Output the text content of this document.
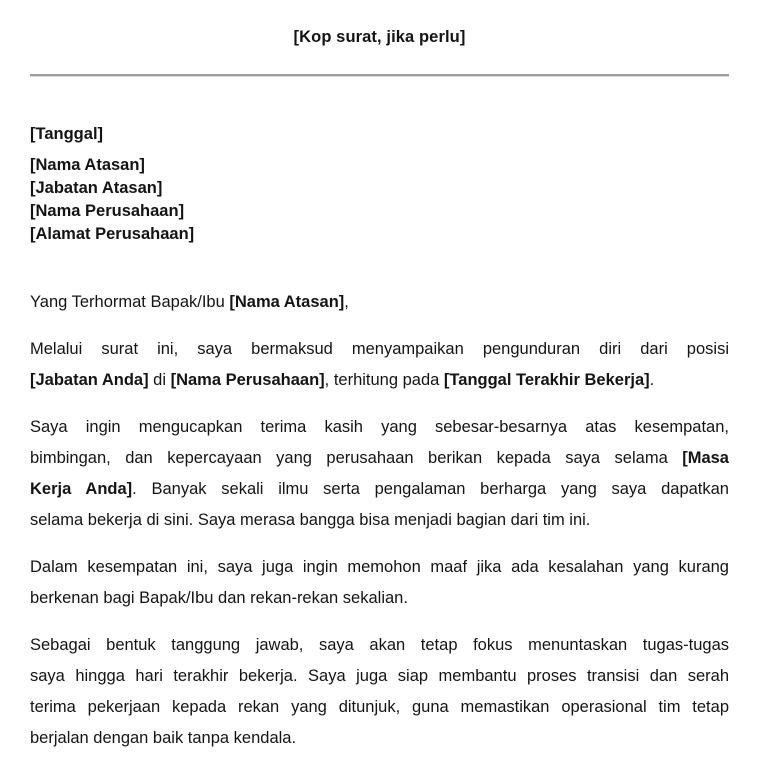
[Kop surat, jika perlu]
[Tanggal]
[Nama Atasan]
[Jabatan Atasan]
[Nama Perusahaan]
[Alamat Perusahaan]
Yang Terhormat Bapak/Ibu [Nama Atasan],
Melalui surat ini, saya bermaksud menyampaikan pengunduran diri dari posisi
[Jabatan Anda] di [Nama Perusahaan], terhitung pada [Tanggal Terakhir Bekerja].
Saya ingin mengucapkan terima kasih yang sebesar-besarnya atas kesempatan,
bimbingan, dan kepercayaan yang perusahaan berikan kepada saya selama [Masa
Kerja Anda]. Banyak sekali ilmu serta pengalaman berharga yang saya dapatkan
selama bekerja di sini. Saya merasa bangga bisa menjadi bagian dari tim ini.
Dalam kesempatan ini, saya juga ingin memohon maaf jika ada kesalahan yang kurang
berkenan bagi Bapak/Ibu dan rekan-rekan sekalian.
Sebagai bentuk tanggung jawab, saya akan tetap fokus menuntaskan tugas-tugas
saya hingga hari terakhir bekerja. Saya juga siap membantu proses transisi dan serah
terima pekerjaan kepada rekan yang ditunjuk, guna memastikan operasional tim tetap
berjalan dengan baik tanpa kendala.
